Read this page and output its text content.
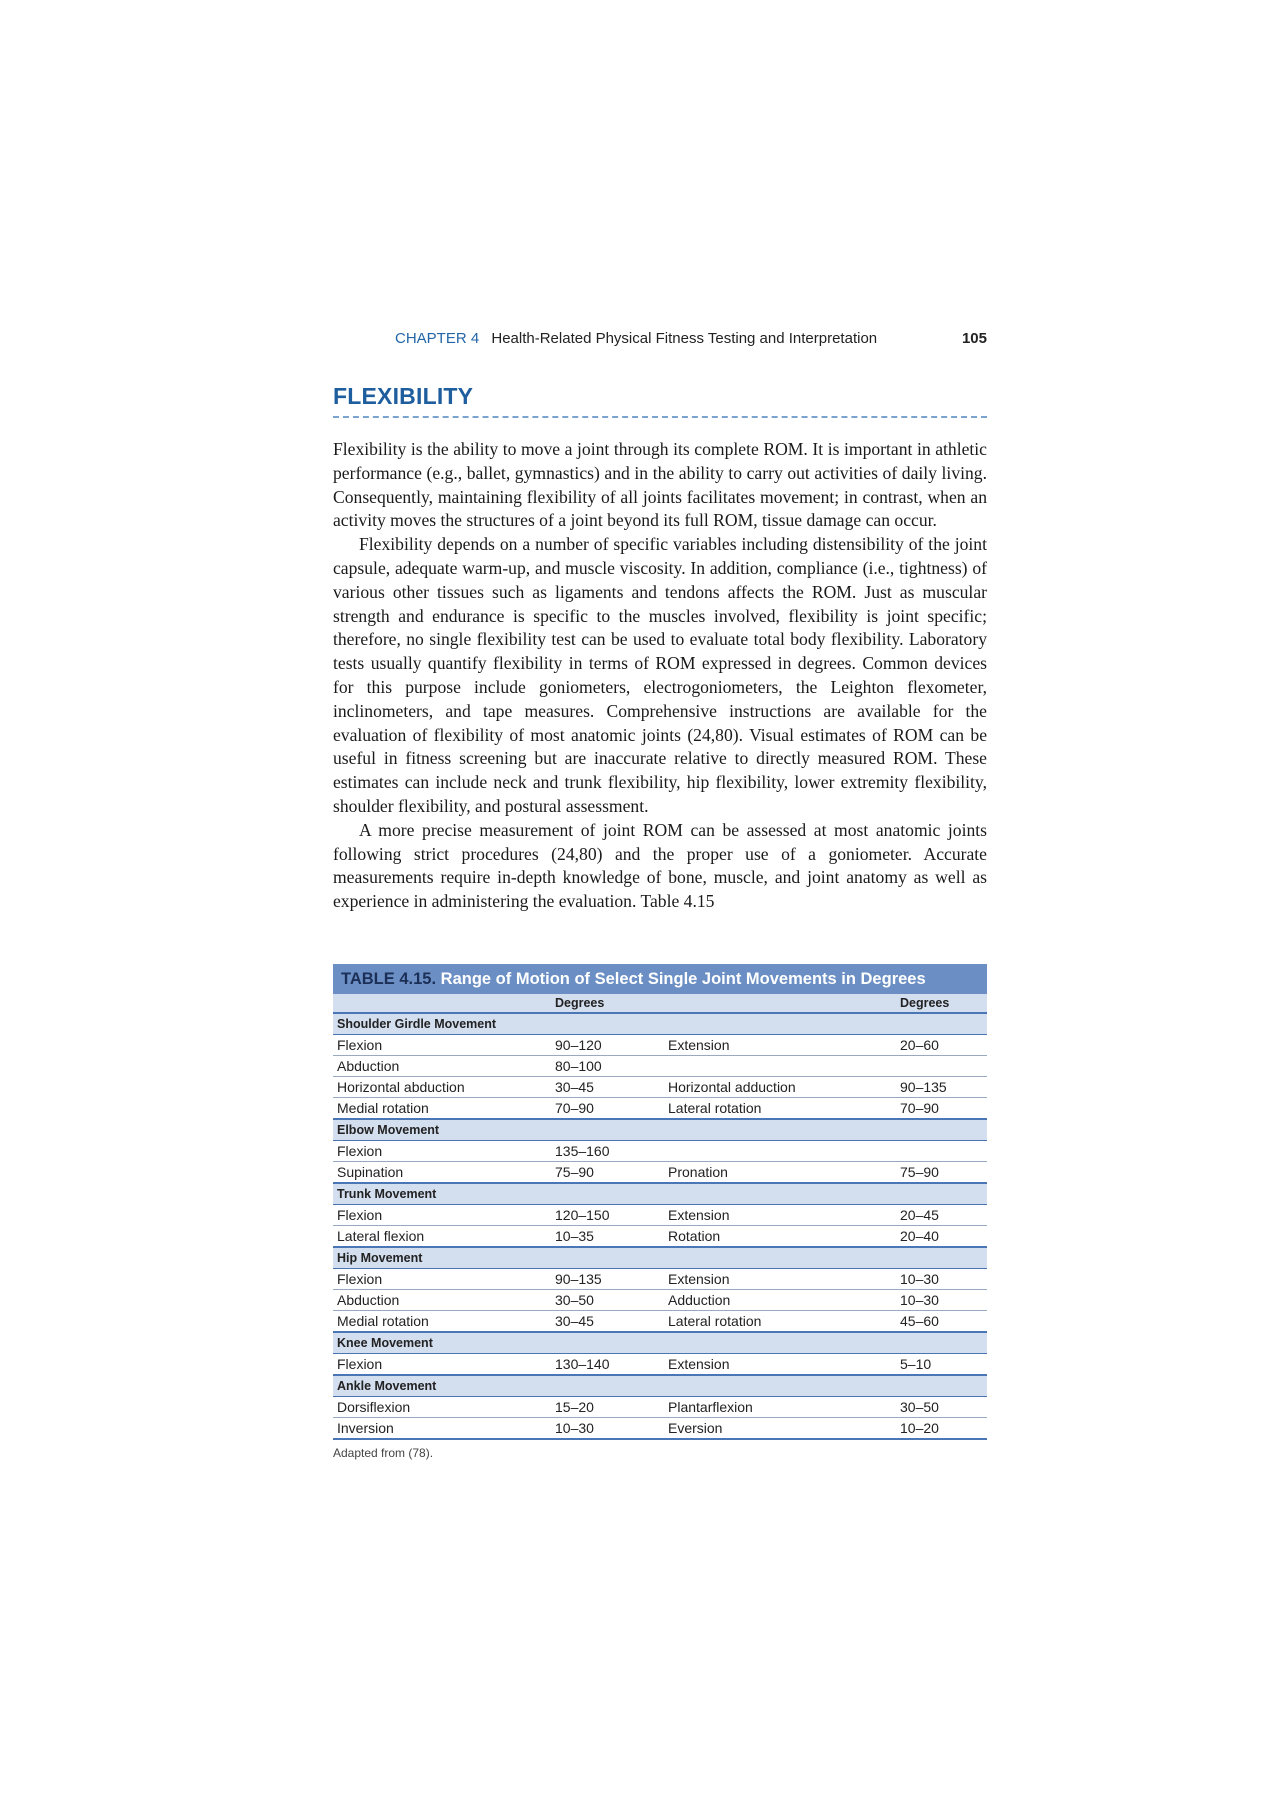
CHAPTER 4 Health-Related Physical Fitness Testing and Interpretation	105
FLEXIBILITY

Flexibility is the ability to move a joint through its complete ROM. It is important in athletic performance (e.g., ballet, gymnastics) and in the ability to carry out activities of daily living. Consequently, maintaining flexibility of all joints facilitates movement; in contrast, when an activity moves the structures of a joint beyond its full ROM, tissue damage can occur.

Flexibility depends on a number of specific variables including distensibility of the joint capsule, adequate warm-up, and muscle viscosity. In addition, compliance (i.e., tightness) of various other tissues such as ligaments and tendons affects the ROM. Just as muscular strength and endurance is specific to the muscles involved, flexibility is joint specific; therefore, no single flexibility test can be used to evaluate total body flexibility. Laboratory tests usually quantify flexibility in terms of ROM expressed in degrees. Common devices for this purpose include goniometers, electrogoniometers, the Leighton flexometer, inclinometers, and tape measures. Comprehensive instructions are available for the evaluation of flexibility of most anatomic joints (24,80). Visual estimates of ROM can be useful in fitness screening but are inaccurate relative to directly measured ROM. These estimates can include neck and trunk flexibility, hip flexibility, lower extremity flexibility, shoulder flexibility, and postural assessment.

A more precise measurement of joint ROM can be assessed at most anatomic joints following strict procedures (24,80) and the proper use of a goniometer. Accurate measurements require in-depth knowledge of bone, muscle, and joint anatomy as well as experience in administering the evaluation. Table 4.15

TABLE 4.15. Range of Motion of Select Single Joint Movements in Degrees
	Degrees		Degrees
Shoulder Girdle Movement			
Flexion	90–120	Extension	20–60
Abduction	80–100		
Horizontal abduction	30–45	Horizontal adduction	90–135
Medial rotation	70–90	Lateral rotation	70–90
Elbow Movement			
Flexion	135–160		
Supination	75–90	Pronation	75–90
Trunk Movement			
Flexion	120–150	Extension	20–45
Lateral flexion	10–35	Rotation	20–40
Hip Movement			
Flexion	90–135	Extension	10–30
Abduction	30–50	Adduction	10–30
Medial rotation	30–45	Lateral rotation	45–60
Knee Movement			
Flexion	130–140	Extension	5–10
Ankle Movement			
Dorsiflexion	15–20	Plantarflexion	30–50
Inversion	10–30	Eversion	10–20
Adapted from (78).
